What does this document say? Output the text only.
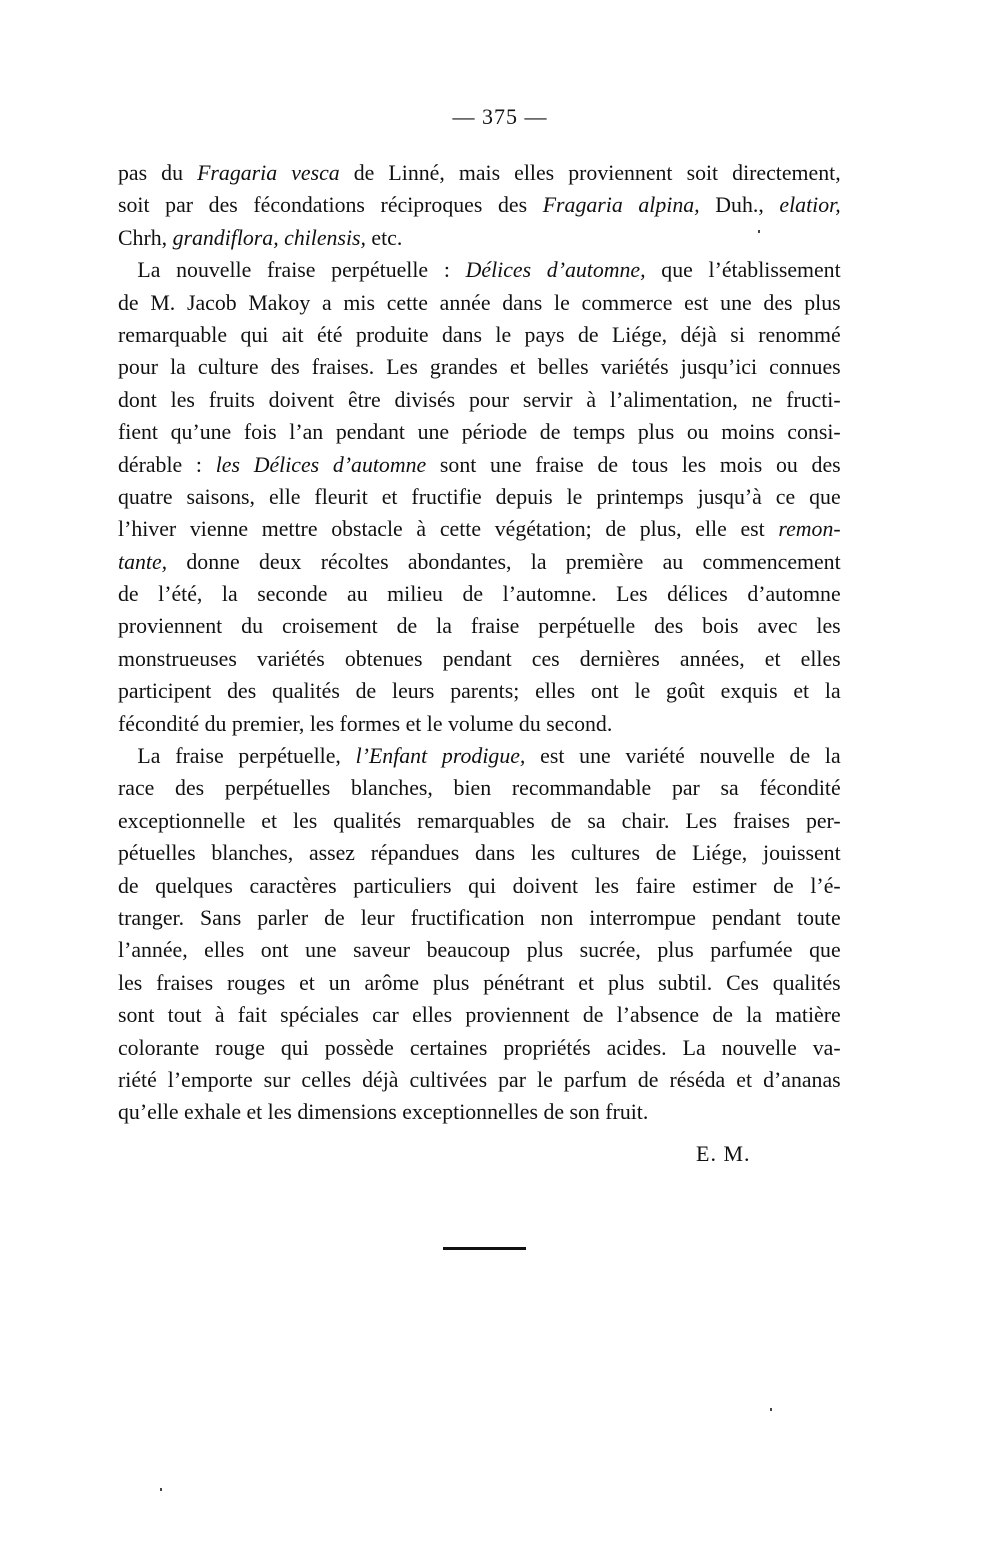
— 375 —
pas du Fragaria vesca de Linné, mais elles proviennent soit directement,
soit par des fécondations réciproques des Fragaria alpina, Duh., elatior,
Chrh, grandiflora, chilensis, etc.
La nouvelle fraise perpétuelle : Délices d’automne, que l’établissement
de M. Jacob Makoy a mis cette année dans le commerce est une des plus
remarquable qui ait été produite dans le pays de Liége, déjà si renommé
pour la culture des fraises. Les grandes et belles variétés jusqu’ici connues
dont les fruits doivent être divisés pour servir à l’alimentation, ne fructi-
fient qu’une fois l’an pendant une période de temps plus ou moins consi-
dérable : les Délices d’automne sont une fraise de tous les mois ou des
quatre saisons, elle fleurit et fructifie depuis le printemps jusqu’à ce que
l’hiver vienne mettre obstacle à cette végétation; de plus, elle est remon-
tante, donne deux récoltes abondantes, la première au commencement
de l’été, la seconde au milieu de l’automne. Les délices d’automne
proviennent du croisement de la fraise perpétuelle des bois avec les
monstrueuses variétés obtenues pendant ces dernières années, et elles
participent des qualités de leurs parents; elles ont le goût exquis et la
fécondité du premier, les formes et le volume du second.
La fraise perpétuelle, l’Enfant prodigue, est une variété nouvelle de la
race des perpétuelles blanches, bien recommandable par sa fécondité
exceptionnelle et les qualités remarquables de sa chair. Les fraises per-
pétuelles blanches, assez répandues dans les cultures de Liége, jouissent
de quelques caractères particuliers qui doivent les faire estimer de l’é-
tranger. Sans parler de leur fructification non interrompue pendant toute
l’année, elles ont une saveur beaucoup plus sucrée, plus parfumée que
les fraises rouges et un arôme plus pénétrant et plus subtil. Ces qualités
sont tout à fait spéciales car elles proviennent de l’absence de la matière
colorante rouge qui possède certaines propriétés acides. La nouvelle va-
riété l’emporte sur celles déjà cultivées par le parfum de réséda et d’ananas
qu’elle exhale et les dimensions exceptionnelles de son fruit.
E. M.
